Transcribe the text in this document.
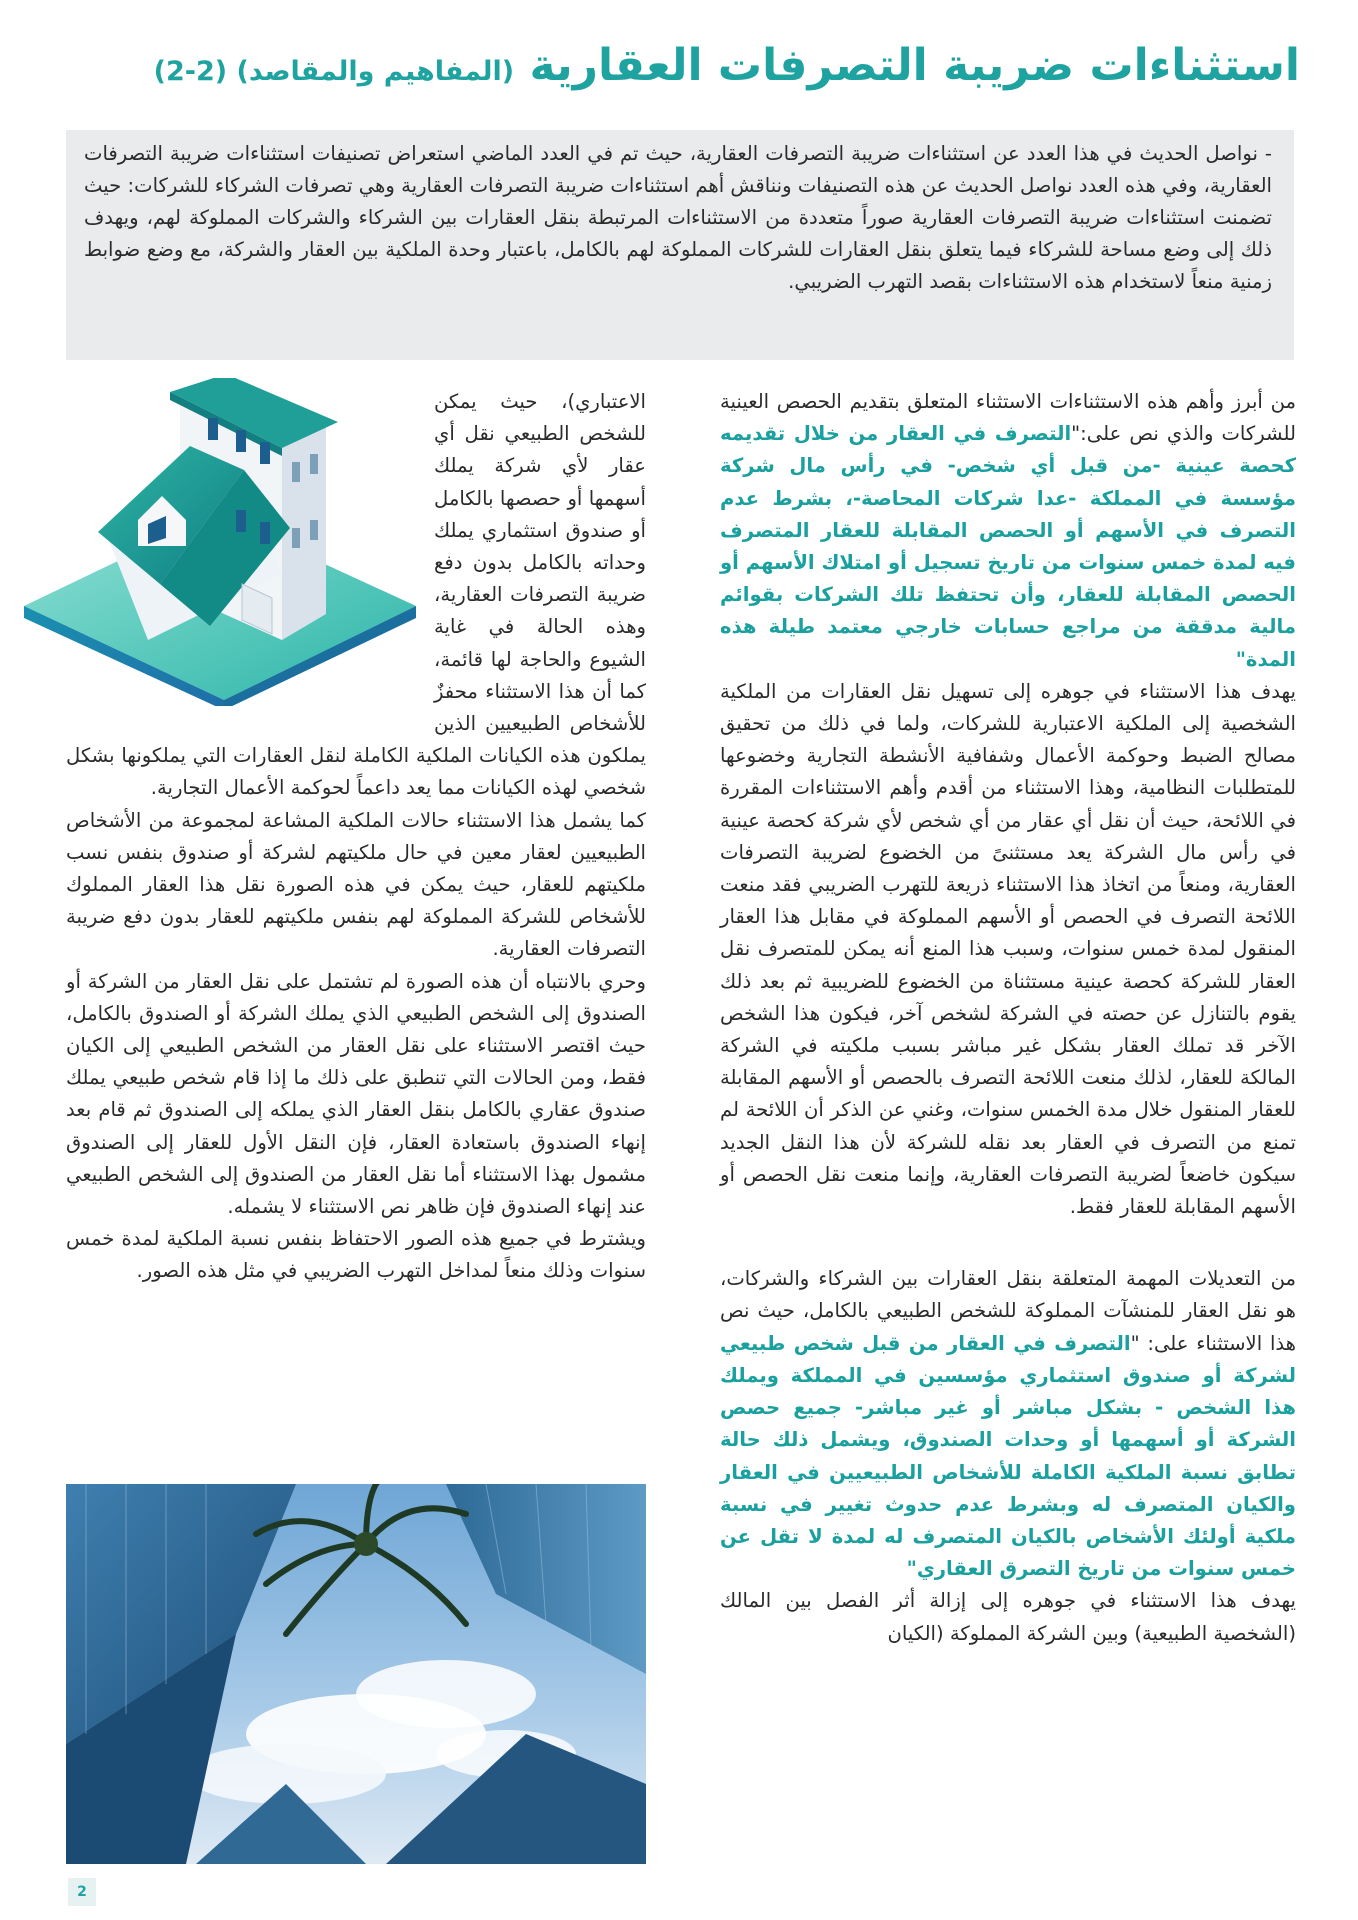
استثناءات ضريبة التصرفات العقارية (المفاهيم والمقاصد) (2-2)

- نواصل الحديث في هذا العدد عن استثناءات ضريبة التصرفات العقارية، حيث تم في العدد الماضي استعراض تصنيفات استثناءات ضريبة التصرفات العقارية، وفي هذه العدد نواصل الحديث عن هذه التصنيفات ونناقش أهم استثناءات ضريبة التصرفات العقارية وهي تصرفات الشركاء للشركات: حيث تضمنت استثناءات ضريبة التصرفات العقارية صوراً متعددة من الاستثناءات المرتبطة بنقل العقارات بين الشركاء والشركات المملوكة لهم، ويهدف ذلك إلى وضع مساحة للشركاء فيما يتعلق بنقل العقارات للشركات المملوكة لهم بالكامل، باعتبار وحدة الملكية بين العقار والشركة، مع وضع ضوابط زمنية منعاً لاستخدام هذه الاستثناءات بقصد التهرب الضريبي.

من أبرز وأهم هذه الاستثناءات الاستثناء المتعلق بتقديم الحصص العينية للشركات والذي نص على:"التصرف في العقار من خلال تقديمه كحصة عينية -من قبل أي شخص- في رأس مال شركة مؤسسة في المملكة -عدا شركات المحاصة-، بشرط عدم التصرف في الأسهم أو الحصص المقابلة للعقار المتصرف فيه لمدة خمس سنوات من تاريخ تسجيل أو امتلاك الأسهم أو الحصص المقابلة للعقار، وأن تحتفظ تلك الشركات بقوائم مالية مدققة من مراجع حسابات خارجي معتمد طيلة هذه المدة"

يهدف هذا الاستثناء في جوهره إلى تسهيل نقل العقارات من الملكية الشخصية إلى الملكية الاعتبارية للشركات، ولما في ذلك من تحقيق مصالح الضبط وحوكمة الأعمال وشفافية الأنشطة التجارية وخضوعها للمتطلبات النظامية، وهذا الاستثناء من أقدم وأهم الاستثناءات المقررة في اللائحة، حيث أن نقل أي عقار من أي شخص لأي شركة كحصة عينية في رأس مال الشركة يعد مستثنىً من الخضوع لضريبة التصرفات العقارية، ومنعاً من اتخاذ هذا الاستثناء ذريعة للتهرب الضريبي فقد منعت اللائحة التصرف في الحصص أو الأسهم المملوكة في مقابل هذا العقار المنقول لمدة خمس سنوات، وسبب هذا المنع أنه يمكن للمتصرف نقل العقار للشركة كحصة عينية مستثناة من الخضوع للضريبية ثم بعد ذلك يقوم بالتنازل عن حصته في الشركة لشخص آخر، فيكون هذا الشخص الآخر قد تملك العقار بشكل غير مباشر بسبب ملكيته في الشركة المالكة للعقار، لذلك منعت اللائحة التصرف بالحصص أو الأسهم المقابلة للعقار المنقول خلال مدة الخمس سنوات، وغني عن الذكر أن اللائحة لم تمنع من التصرف في العقار بعد نقله للشركة لأن هذا النقل الجديد سيكون خاضعاً لضريبة التصرفات العقارية، وإنما منعت نقل الحصص أو الأسهم المقابلة للعقار فقط.

من التعديلات المهمة المتعلقة بنقل العقارات بين الشركاء والشركات، هو نقل العقار للمنشآت المملوكة للشخص الطبيعي بالكامل، حيث نص هذا الاستثناء على: "التصرف في العقار من قبل شخص طبيعي لشركة أو صندوق استثماري مؤسسين في المملكة ويملك هذا الشخص - بشكل مباشر أو غير مباشر- جميع حصص الشركة أو أسهمها أو وحدات الصندوق، ويشمل ذلك حالة تطابق نسبة الملكية الكاملة للأشخاص الطبيعيين في العقار والكيان المتصرف له وبشرط عدم حدوث تغيير في نسبة ملكية أولئك الأشخاص بالكيان المتصرف له لمدة لا تقل عن خمس سنوات من تاريخ التصرق العقاري"

يهدف هذا الاستثناء في جوهره إلى إزالة أثر الفصل بين المالك (الشخصية الطبيعية) وبين الشركة المملوكة (الكيان

الاعتباري)، حيث يمكن للشخص الطبيعي نقل أي عقار لأي شركة يملك أسهمها أو حصصها بالكامل أو صندوق استثماري يملك وحداته بالكامل بدون دفع ضريبة التصرفات العقارية، وهذه الحالة في غاية الشيوع والحاجة لها قائمة، كما أن هذا الاستثناء محفزٌ للأشخاص الطبيعيين الذين يملكون هذه الكيانات الملكية الكاملة لنقل العقارات التي يملكونها بشكل شخصي لهذه الكيانات مما يعد داعماً لحوكمة الأعمال التجارية.

كما يشمل هذا الاستثناء حالات الملكية المشاعة لمجموعة من الأشخاص الطبيعيين لعقار معين في حال ملكيتهم لشركة أو صندوق بنفس نسب ملكيتهم للعقار، حيث يمكن في هذه الصورة نقل هذا العقار المملوك للأشخاص للشركة المملوكة لهم بنفس ملكيتهم للعقار بدون دفع ضريبة التصرفات العقارية.

وحري بالانتباه أن هذه الصورة لم تشتمل على نقل العقار من الشركة أو الصندوق إلى الشخص الطبيعي الذي يملك الشركة أو الصندوق بالكامل، حيث اقتصر الاستثناء على نقل العقار من الشخص الطبيعي إلى الكيان فقط، ومن الحالات التي تنطبق على ذلك ما إذا قام شخص طبيعي يملك صندوق عقاري بالكامل بنقل العقار الذي يملكه إلى الصندوق ثم قام بعد إنهاء الصندوق باستعادة العقار، فإن النقل الأول للعقار إلى الصندوق مشمول بهذا الاستثناء أما نقل العقار من الصندوق إلى الشخص الطبيعي عند إنهاء الصندوق فإن ظاهر نص الاستثناء لا يشمله.

ويشترط في جميع هذه الصور الاحتفاظ بنفس نسبة الملكية لمدة خمس سنوات وذلك منعاً لمداخل التهرب الضريبي في مثل هذه الصور.

2
